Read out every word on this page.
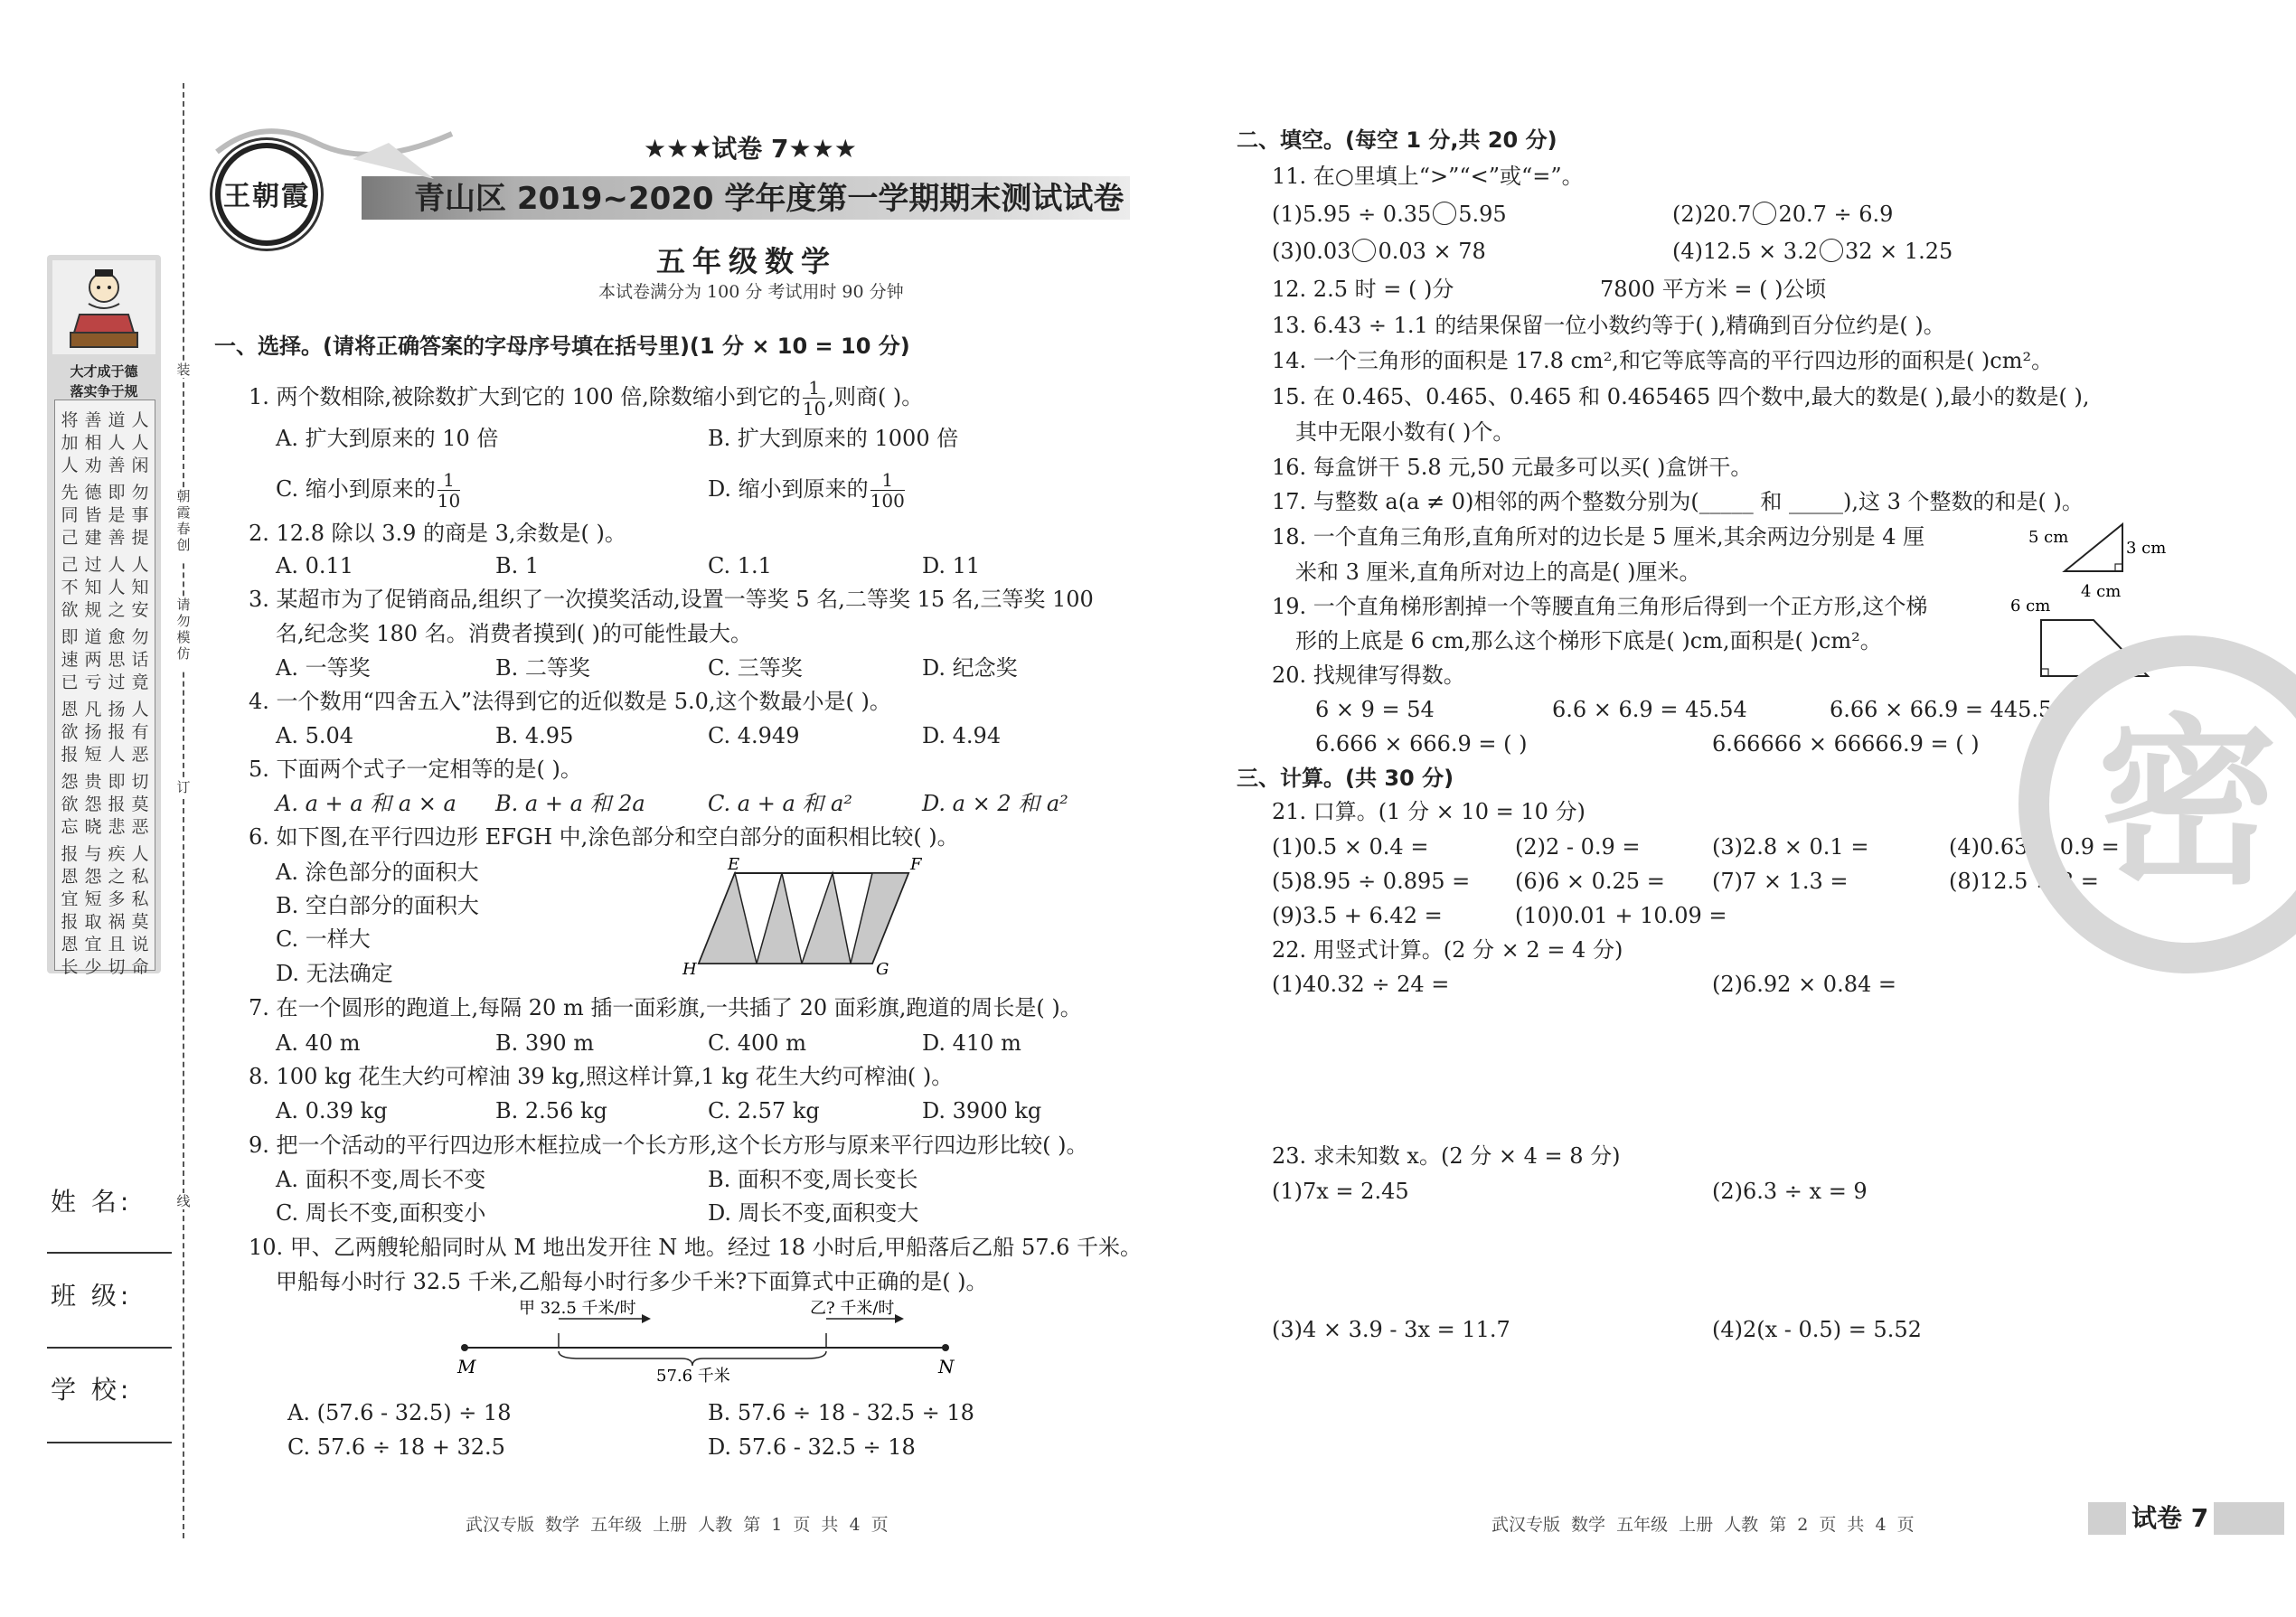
大才成于德
落实争于规
将加人
善相劝
道人善
人人闲
先同己
德皆建
即是善
勿事提
己不欲
过知规
人人之
人知安
即速已
道两亏
愈思过
勿话竟
恩欲报
凡扬短
扬报人
人有恶
怨欲忘
贵怨晓
即报悲
切莫恶
报恩宜
与怨短
疾之多
人私私
报恩长
取宜少
祸且切
莫说命
装
朝霞春创
请勿模仿
订
线
姓 名:
班 级:
学 校:
王朝霞
★★★试卷 7★★★
青山区 2019~2020 学年度第一学期期末测试试卷
五年级数学
本试卷满分为 100 分 考试用时 90 分钟
一、选择。(请将正确答案的字母序号填在括号里)(1 分 × 10 = 10 分)
1. 两个数相除,被除数扩大到它的 100 倍,除数缩小到它的 $\frac{1}{10}$ ,则商( )。
A. 扩大到原来的 10 倍	B. 扩大到原来的 1000 倍
C. 缩小到原来的 $\frac{1}{10}$	D. 缩小到原来的 $\frac{1}{100}$
2. 12.8 除以 3.9 的商是 3,余数是( )。
A. 0.11	B. 1	C. 1.1	D. 11
3. 某超市为了促销商品,组织了一次摸奖活动,设置一等奖 5 名,二等奖 15 名,三等奖 100
名,纪念奖 180 名。消费者摸到( )的可能性最大。
A. 一等奖	B. 二等奖	C. 三等奖	D. 纪念奖
4. 一个数用“四舍五入”法得到它的近似数是 5.0,这个数最小是( )。
A. 5.04	B. 4.95	C. 4.949	D. 4.94
5. 下面两个式子一定相等的是( )。
A. a + a 和 a × a B. a + a 和 2a	C. a + a 和 a²	D. a × 2 和 a²
6. 如下图,在平行四边形 EFGH 中,涂色部分和空白部分的面积相比较( )。
A. 涂色部分的面积大
B. 空白部分的面积大
C. 一样大
D. 无法确定
E	F
H	G
7. 在一个圆形的跑道上,每隔 20 m 插一面彩旗,一共插了 20 面彩旗,跑道的周长是( )。
A. 40 m	B. 390 m	C. 400 m	D. 410 m
8. 100 kg 花生大约可榨油 39 kg,照这样计算,1 kg 花生大约可榨油( )。
A. 0.39 kg	B. 2.56 kg	C. 2.57 kg	D. 3900 kg
9. 把一个活动的平行四边形木框拉成一个长方形,这个长方形与原来平行四边形比较( )。
A. 面积不变,周长不变	B. 面积不变,周长变长
C. 周长不变,面积变小	D. 周长不变,面积变大
10. 甲、乙两艘轮船同时从 M 地出发开往 N 地。经过 18 小时后,甲船落后乙船 57.6 千米。
甲船每小时行 32.5 千米,乙船每小时行多少千米?下面算式中正确的是( )。
甲 32.5 千米/时	乙? 千米/时
57.6 千米
M	N
A. (57.6 - 32.5) ÷ 18	B. 57.6 ÷ 18 - 32.5 ÷ 18
C. 57.6 ÷ 18 + 32.5	D. 57.6 - 32.5 ÷ 18
二、填空。(每空 1 分,共 20 分)
11. 在○里填上“>”“<”或“=”。
(1)5.95 ÷ 0.35 5.95	(2)20.7 20.7 ÷ 6.9
(3)0.03 0.03 × 78	(4)12.5 × 3.2 32 × 1.25
12. 2.5 时 = ( )分	7800 平方米 = ( )公顷
13. 6.43 ÷ 1.1 的结果保留一位小数约等于( ),精确到百分位约是( )。
14. 一个三角形的面积是 17.8 cm²,和它等底等高的平行四边形的面积是( )cm²。
15. 在 0.465、0.465、0.465 和 0.465465 四个数中,最大的数是( ),最小的数是( ),
其中无限小数有( )个。
16. 每盒饼干 5.8 元,50 元最多可以买( )盒饼干。
17. 与整数 a(a ≠ 0)相邻的两个整数分别为(_____ 和 _____),这 3 个整数的和是( )。
18. 一个直角三角形,直角所对的边长是 5 厘米,其余两边分别是 4 厘
米和 3 厘米,直角所对边上的高是( )厘米。
5 cm
3 cm
4 cm
19. 一个直角梯形割掉一个等腰直角三角形后得到一个正方形,这个梯
形的上底是 6 cm,那么这个梯形下底是( )cm,面积是( )cm²。
6 cm
20. 找规律写得数。
6 × 9 = 54	6.6 × 6.9 = 45.54	6.66 × 66.9 = 445.554
6.666 × 666.9 = ( )	6.66666 × 66666.9 = ( )
三、计算。(共 30 分)
21. 口算。(1 分 × 10 = 10 分)
(1)0.5 × 0.4 =	(2)2 - 0.9 =	(3)2.8 × 0.1 =	(4)0.63 ÷ 0.9 =
(5)8.95 ÷ 0.895 = (6)6 × 0.25 = (7)7 × 1.3 =	(8)12.5 × 8 =
(9)3.5 + 6.42 =	(10)0.01 + 10.09 =
22. 用竖式计算。(2 分 × 2 = 4 分)
(1)40.32 ÷ 24 =	(2)6.92 × 0.84 =
23. 求未知数 x。(2 分 × 4 = 8 分)
(1)7x = 2.45	(2)6.3 ÷ x = 9
(3)4 × 3.9 - 3x = 11.7	(4)2(x - 0.5) = 5.52
密
武汉专版 数学 五年级 上册 人教 第 1 页 共 4 页	武汉专版 数学 五年级 上册 人教 第 2 页 共 4 页	试卷 7
